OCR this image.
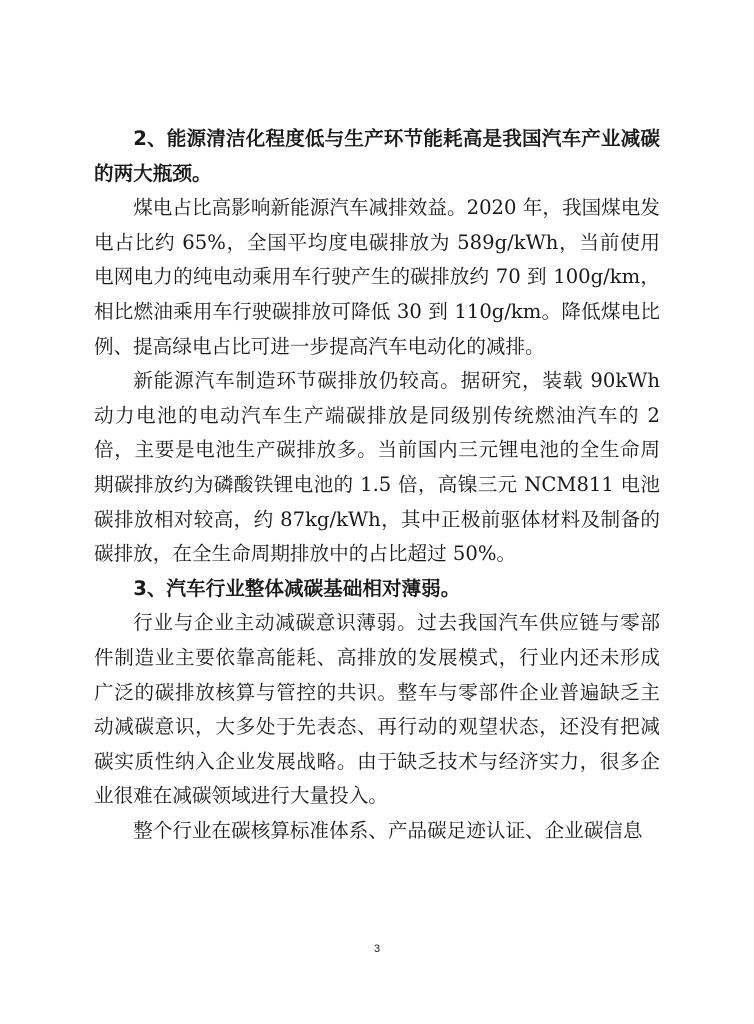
2、能源清洁化程度低与生产环节能耗高是我国汽车产业减碳的两大瓶颈。

煤电占比高影响新能源汽车减排效益。2020 年，我国煤电发电占比约 65%，全国平均度电碳排放为 589g/kWh，当前使用电网电力的纯电动乘用车行驶产生的碳排放约 70 到 100g/km，相比燃油乘用车行驶碳排放可降低 30 到 110g/km。降低煤电比例、提高绿电占比可进一步提高汽车电动化的减排。

新能源汽车制造环节碳排放仍较高。据研究，装载 90kWh 动力电池的电动汽车生产端碳排放是同级别传统燃油汽车的 2 倍，主要是电池生产碳排放多。当前国内三元锂电池的全生命周期碳排放约为磷酸铁锂电池的 1.5 倍，高镍三元 NCM811 电池碳排放相对较高，约 87kg/kWh，其中正极前驱体材料及制备的碳排放，在全生命周期排放中的占比超过 50%。

3、汽车行业整体减碳基础相对薄弱。

行业与企业主动减碳意识薄弱。过去我国汽车供应链与零部件制造业主要依靠高能耗、高排放的发展模式，行业内还未形成广泛的碳排放核算与管控的共识。整车与零部件企业普遍缺乏主动减碳意识，大多处于先表态、再行动的观望状态，还没有把减碳实质性纳入企业发展战略。由于缺乏技术与经济实力，很多企业很难在减碳领域进行大量投入。

整个行业在碳核算标准体系、产品碳足迹认证、企业碳信息

3
